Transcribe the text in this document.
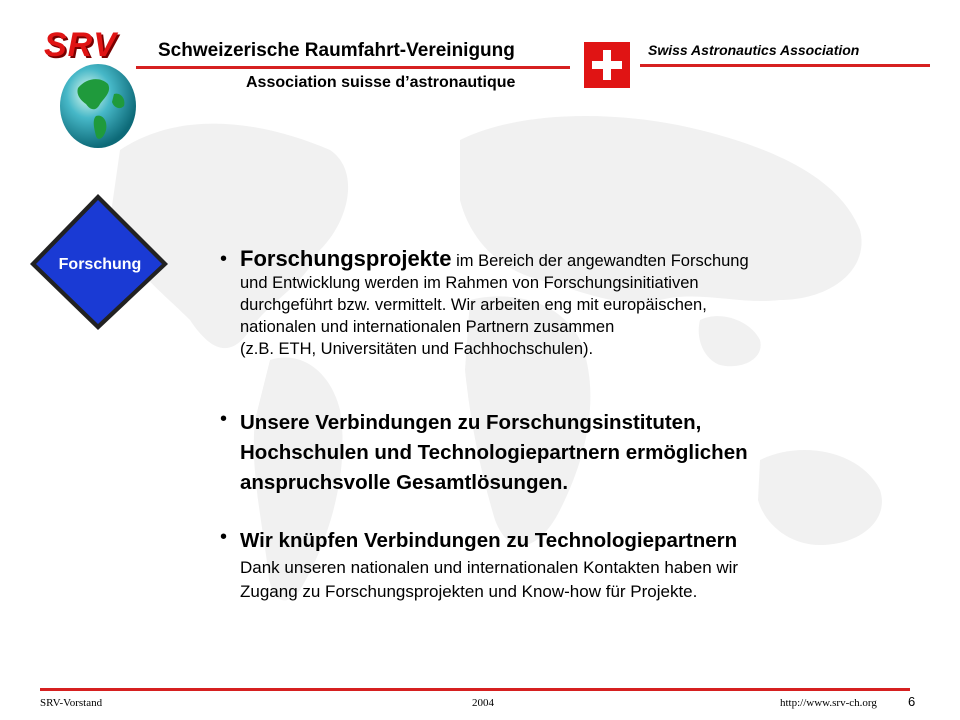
SRV Schweizerische Raumfahrt-Vereinigung
Association suisse d’astronautique
Swiss Astronautics Association
Forschung	• Forschungsprojekte im Bereich der angewandten Forschung
und Entwicklung werden im Rahmen von Forschungsinitiativen
durchgeführt bzw. vermittelt. Wir arbeiten eng mit europäischen,
nationalen und internationalen Partnern zusammen
(z.B. ETH, Universitäten und Fachhochschulen).
• Unsere Verbindungen zu Forschungsinstituten,
Hochschulen und Technologiepartnern ermöglichen
anspruchsvolle Gesamtlösungen.
• Wir knüpfen Verbindungen zu Technologiepartnern
Dank unseren nationalen und internationalen Kontakten haben wir
Zugang zu Forschungsprojekten und Know-how für Projekte.
SRV-Vorstand	2004	http://www.srv-ch.org 6
